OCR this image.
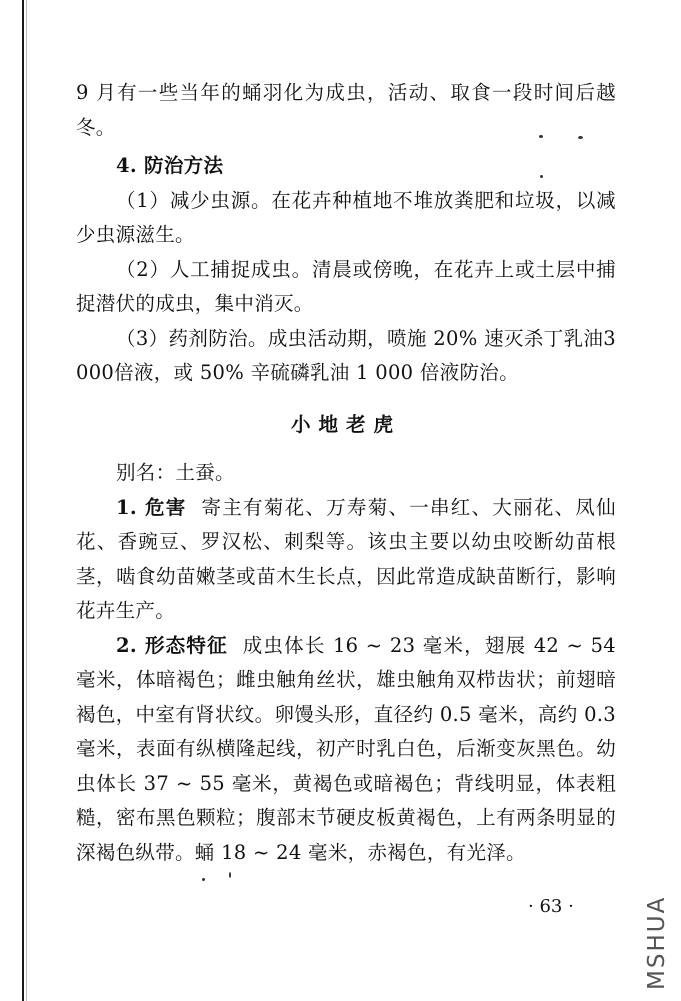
9 月有一些当年的蛹羽化为成虫，活动、取食一段时间后越冬。

4. 防治方法

（1）减少虫源。在花卉种植地不堆放粪肥和垃圾，以减少虫源滋生。

（2）人工捕捉成虫。清晨或傍晚，在花卉上或土层中捕捉潜伏的成虫，集中消灭。

（3）药剂防治。成虫活动期，喷施 20% 速灭杀丁乳油3 000倍液，或 50% 辛硫磷乳油 1 000 倍液防治。

小地老虎

别名：土蚕。

1. 危害 寄主有菊花、万寿菊、一串红、大丽花、凤仙花、香豌豆、罗汉松、刺梨等。该虫主要以幼虫咬断幼苗根茎，啮食幼苗嫩茎或苗木生长点，因此常造成缺苗断行，影响花卉生产。

2. 形态特征 成虫体长 16 ~ 23 毫米，翅展 42 ~ 54 毫米，体暗褐色；雌虫触角丝状，雄虫触角双栉齿状；前翅暗褐色，中室有肾状纹。卵馒头形，直径约 0.5 毫米，高约 0.3 毫米，表面有纵横隆起线，初产时乳白色，后渐变灰黑色。幼虫体长 37 ~ 55 毫米，黄褐色或暗褐色；背线明显，体表粗糙，密布黑色颗粒；腹部末节硬皮板黄褐色，上有两条明显的深褐色纵带。蛹 18 ~ 24 毫米，赤褐色，有光泽。

· 63 ·	MSHUA
